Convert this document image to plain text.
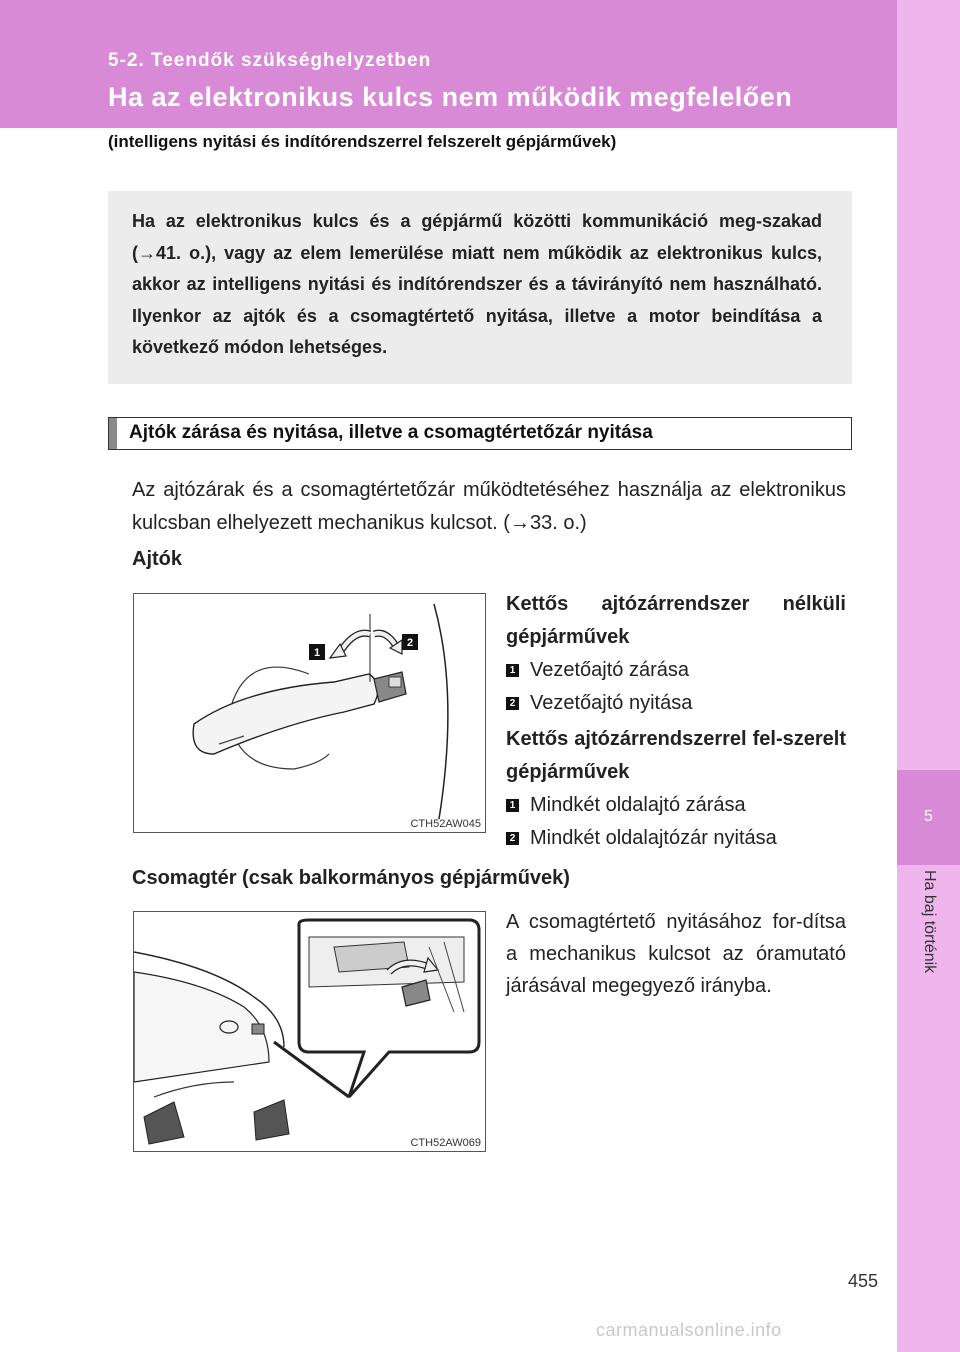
5-2. Teendők szükséghelyzetben
Ha az elektronikus kulcs nem működik megfelelően
5
Ha baj történik
(intelligens nyitási és indítórendszerrel felszerelt gépjárművek)

Ha az elektronikus kulcs és a gépjármű közötti kommunikáció meg-szakad (→41. o.), vagy az elem lemerülése miatt nem működik az elektronikus kulcs, akkor az intelligens nyitási és indítórendszer és a távirányító nem használható. Ilyenkor az ajtók és a csomagtértető nyitása, illetve a motor beindítása a következő módon lehetséges.

Ajtók zárása és nyitása, illetve a csomagtértetőzár nyitása
Az ajtózárak és a csomagtértetőzár működtetéséhez használja az elektronikus kulcsban elhelyezett mechanikus kulcsot. (→33. o.)
Ajtók
1
2
CTH52AW045
Kettős ajtózárrendszer nélküli gépjárművek
1 Vezetőajtó zárása
2 Vezetőajtó nyitása
Kettős ajtózárrendszerrel fel-szerelt gépjárművek
1 Mindkét oldalajtó zárása
2 Mindkét oldalajtózár nyitása
Csomagtér (csak balkormányos gépjárművek)
CTH52AW069
A csomagtértető nyitásához for-dítsa a mechanikus kulcsot az óramutató járásával megegyező irányba.
455
carmanualsonline.info
